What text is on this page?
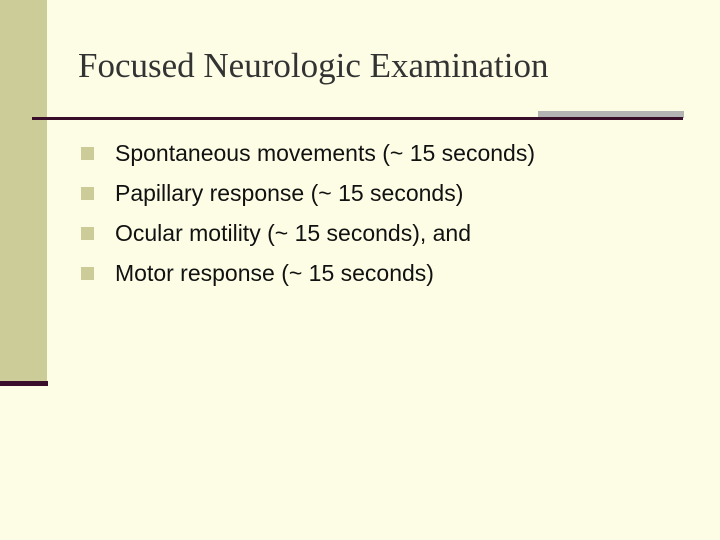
Focused Neurologic Examination
Spontaneous movements (~ 15 seconds)
Papillary response (~ 15 seconds)
Ocular motility (~ 15 seconds), and
Motor response (~ 15 seconds)
